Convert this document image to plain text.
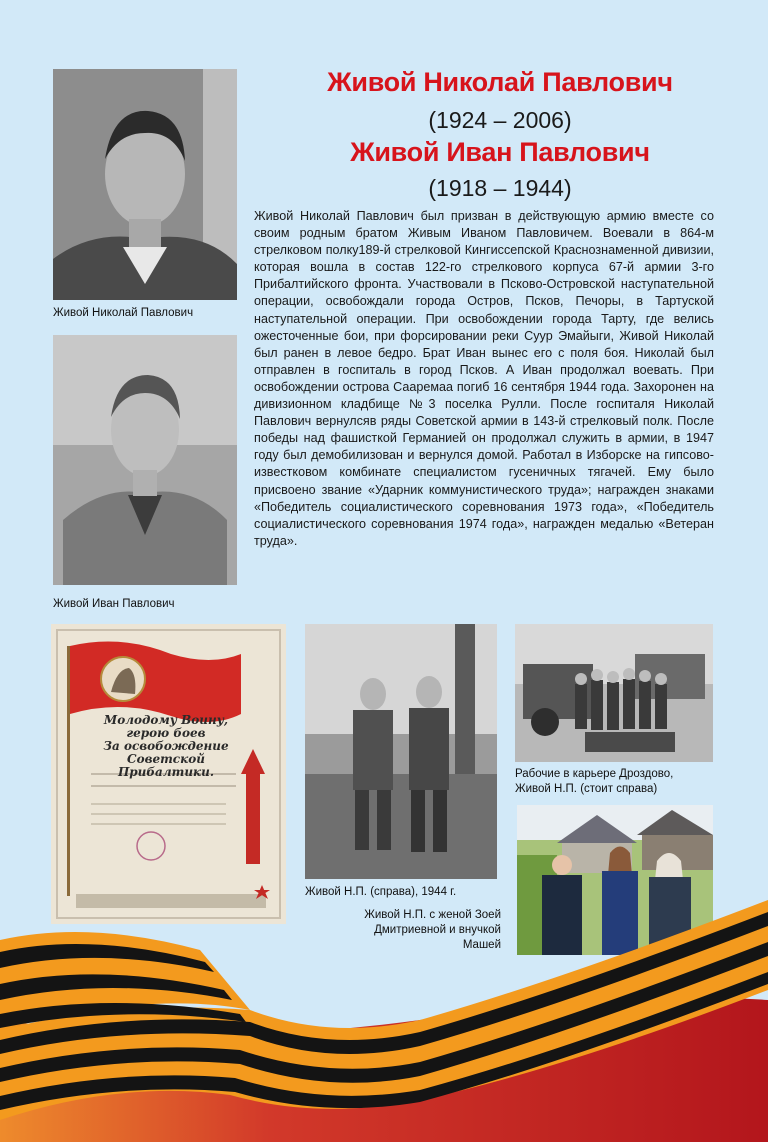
Живой Николай Павлович
(1924 – 2006)
Живой Иван Павлович
(1918 – 1944)

Живой Николай Павлович был призван в действующую армию вместе со своим родным братом Живым Иваном Павловичем. Воевали в 864-м стрелковом полку189-й стрелковой Кингиссепской Краснознаменной дивизии, которая вошла в состав 122-го стрелкового корпуса 67-й армии 3-го Прибалтийского фронта. Участвовали в Псково-Островской наступательной операции, освобождали города Остров, Псков, Печоры, в Тартуской наступательной операции. При освобождении города Тарту, где велись ожесточенные бои, при форсировании реки Суур Эмайыги, Живой Николай был ранен в левое бедро. Брат Иван вынес его с поля боя. Николай был отправлен в госпиталь в город Псков. А Иван продолжал воевать. При освобождении острова Сааремаа погиб 16 сентября 1944 года. Захоронен на дивизионном кладбище №3 поселка Рулли. После госпиталя Николай Павлович вернулсяв ряды Советской армии в 143-й стрелковый полк. После победы над фашисткой Германией он продолжал служить в армии, в 1947 году был демобилизован и вернулся домой. Работал в Изборске на гипсово-известковом комбинате специалистом гусеничных тягачей. Ему было присвоено звание «Ударник коммунистического труда»; награжден знаками «Победитель социалистического соревнования 1973 года», «Победитель социалистического соревнования 1974 года», награжден медалью «Ветеран труда».

Живой Николай Павлович
Живой Иван Павлович
Молодому Воину,
герою боев
За освобождение
Советской Прибалтики.
Живой Н.П. (справа), 1944 г.
Рабочие в карьере Дроздово, Живой Н.П. (стоит справа)
Живой Н.П. с женой Зоей Дмитриевной и внучкой Машей
